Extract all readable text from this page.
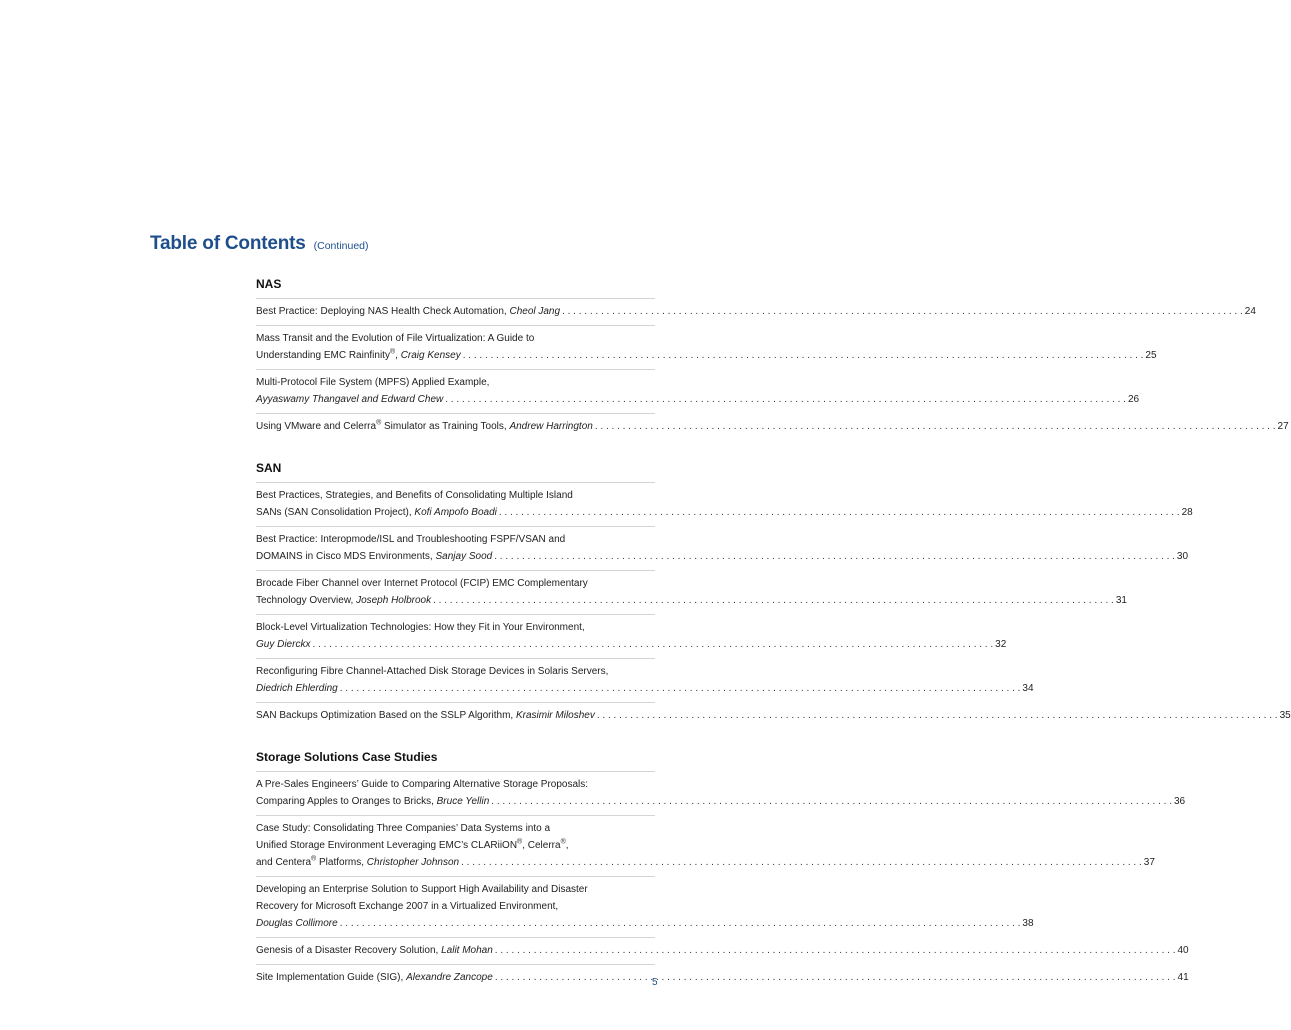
Table of Contents (Continued)
NAS
Best Practice: Deploying NAS Health Check Automation, Cheol Jang . . .	24
Mass Transit and the Evolution of File Virtualization: A Guide to
Understanding EMC Rainfinity®, Craig Kensey . . .	25
Multi-Protocol File System (MPFS) Applied Example,
Ayyaswamy Thangavel and Edward Chew . . .	26
Using VMware and Celerra® Simulator as Training Tools, Andrew Harrington . . .	27
SAN
Best Practices, Strategies, and Benefits of Consolidating Multiple Island
SANs (SAN Consolidation Project), Kofi Ampofo Boadi . . .	28
Best Practice: Interopmode/ISL and Troubleshooting FSPF/VSAN and
DOMAINS in Cisco MDS Environments, Sanjay Sood . . .	30
Brocade Fiber Channel over Internet Protocol (FCIP) EMC Complementary
Technology Overview, Joseph Holbrook . . .	31
Block-Level Virtualization Technologies: How they Fit in Your Environment,
Guy Dierckx . . .	32
Reconfiguring Fibre Channel-Attached Disk Storage Devices in Solaris Servers,
Diedrich Ehlerding . . .	34
SAN Backups Optimization Based on the SSLP Algorithm, Krasimir Miloshev . . .	35
Storage Solutions Case Studies
A Pre-Sales Engineers’ Guide to Comparing Alternative Storage Proposals:
Comparing Apples to Oranges to Bricks, Bruce Yellin . . .	36
Case Study: Consolidating Three Companies’ Data Systems into a
Unified Storage Environment Leveraging EMC’s CLARiiON®, Celerra®,
and Centera® Platforms, Christopher Johnson . . .	37
Developing an Enterprise Solution to Support High Availability and Disaster
Recovery for Microsoft Exchange 2007 in a Virtualized Environment,
Douglas Collimore . . .	38
Genesis of a Disaster Recovery Solution, Lalit Mohan . . .	40
Site Implementation Guide (SIG), Alexandre Zancope . . .	41
5
